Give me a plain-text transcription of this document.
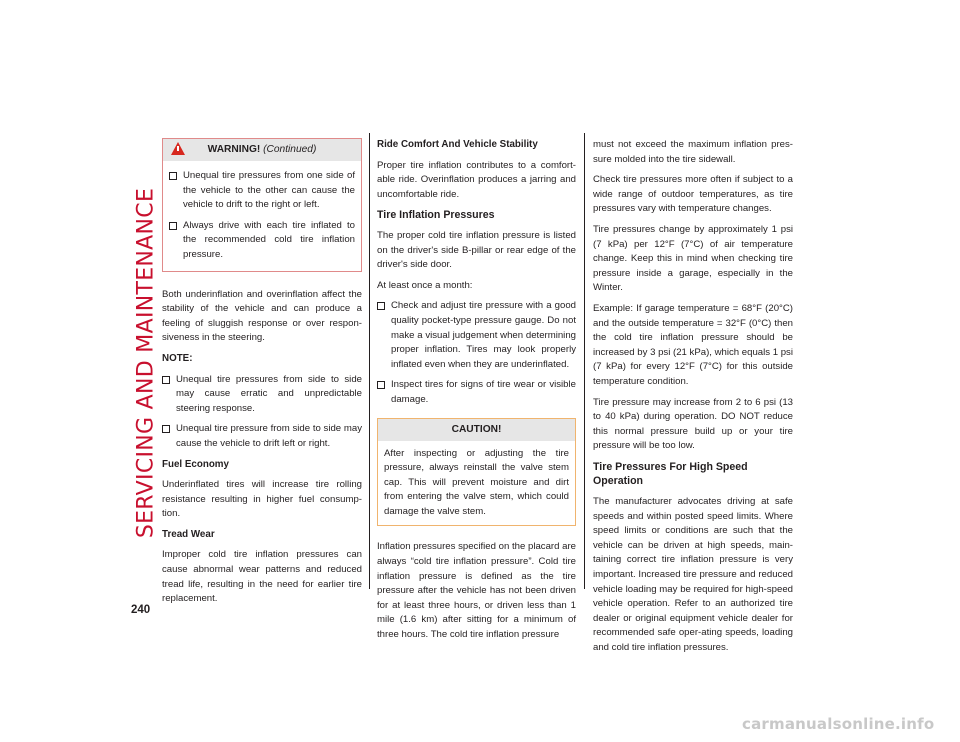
SERVICING AND MAINTENANCE
240
WARNING! (Continued)
Unequal tire pressures from one side of the vehicle to the other can cause the vehicle to drift to the right or left.
Always drive with each tire inflated to the recommended cold tire inflation pressure.

Both underinflation and overinflation affect the stability of the vehicle and can produce a feeling of sluggish response or over respon-siveness in the steering.

NOTE:
Unequal tire pressures from side to side may cause erratic and unpredictable steering response.
Unequal tire pressure from side to side may cause the vehicle to drift left or right.
Fuel Economy

Underinflated tires will increase tire rolling resistance resulting in higher fuel consump-tion.

Tread Wear

Improper cold tire inflation pressures can cause abnormal wear patterns and reduced tread life, resulting in the need for earlier tire replacement.

Ride Comfort And Vehicle Stability

Proper tire inflation contributes to a comfort-able ride. Overinflation produces a jarring and uncomfortable ride.

Tire Inflation Pressures

The proper cold tire inflation pressure is listed on the driver's side B-pillar or rear edge of the driver's side door.

At least once a month:

Check and adjust tire pressure with a good quality pocket-type pressure gauge. Do not make a visual judgement when determining proper inflation. Tires may look properly inflated even when they are underinflated.
Inspect tires for signs of tire wear or visible damage.
CAUTION!

After inspecting or adjusting the tire pressure, always reinstall the valve stem cap. This will prevent moisture and dirt from entering the valve stem, which could damage the valve stem.

Inflation pressures specified on the placard are always “cold tire inflation pressure”. Cold tire inflation pressure is defined as the tire pressure after the vehicle has not been driven for at least three hours, or driven less than 1 mile (1.6 km) after sitting for a minimum of three hours. The cold tire inflation pressure

must not exceed the maximum inflation pres-sure molded into the tire sidewall.

Check tire pressures more often if subject to a wide range of outdoor temperatures, as tire pressures vary with temperature changes.

Tire pressures change by approximately 1 psi (7 kPa) per 12°F (7°C) of air temperature change. Keep this in mind when checking tire pressure inside a garage, especially in the Winter.

Example: If garage temperature = 68°F (20°C) and the outside temperature = 32°F (0°C) then the cold tire inflation pressure should be increased by 3 psi (21 kPa), which equals 1 psi (7 kPa) for every 12°F (7°C) for this outside temperature condition.

Tire pressure may increase from 2 to 6 psi (13 to 40 kPa) during operation. DO NOT reduce this normal pressure build up or your tire pressure will be too low.

Tire Pressures For High Speed Operation

The manufacturer advocates driving at safe speeds and within posted speed limits. Where speed limits or conditions are such that the vehicle can be driven at high speeds, main-taining correct tire inflation pressure is very important. Increased tire pressure and reduced vehicle loading may be required for high-speed vehicle operation. Refer to an authorized tire dealer or original equipment vehicle dealer for recommended safe oper-ating speeds, loading and cold tire inflation pressures.

carmanualsonline.info
